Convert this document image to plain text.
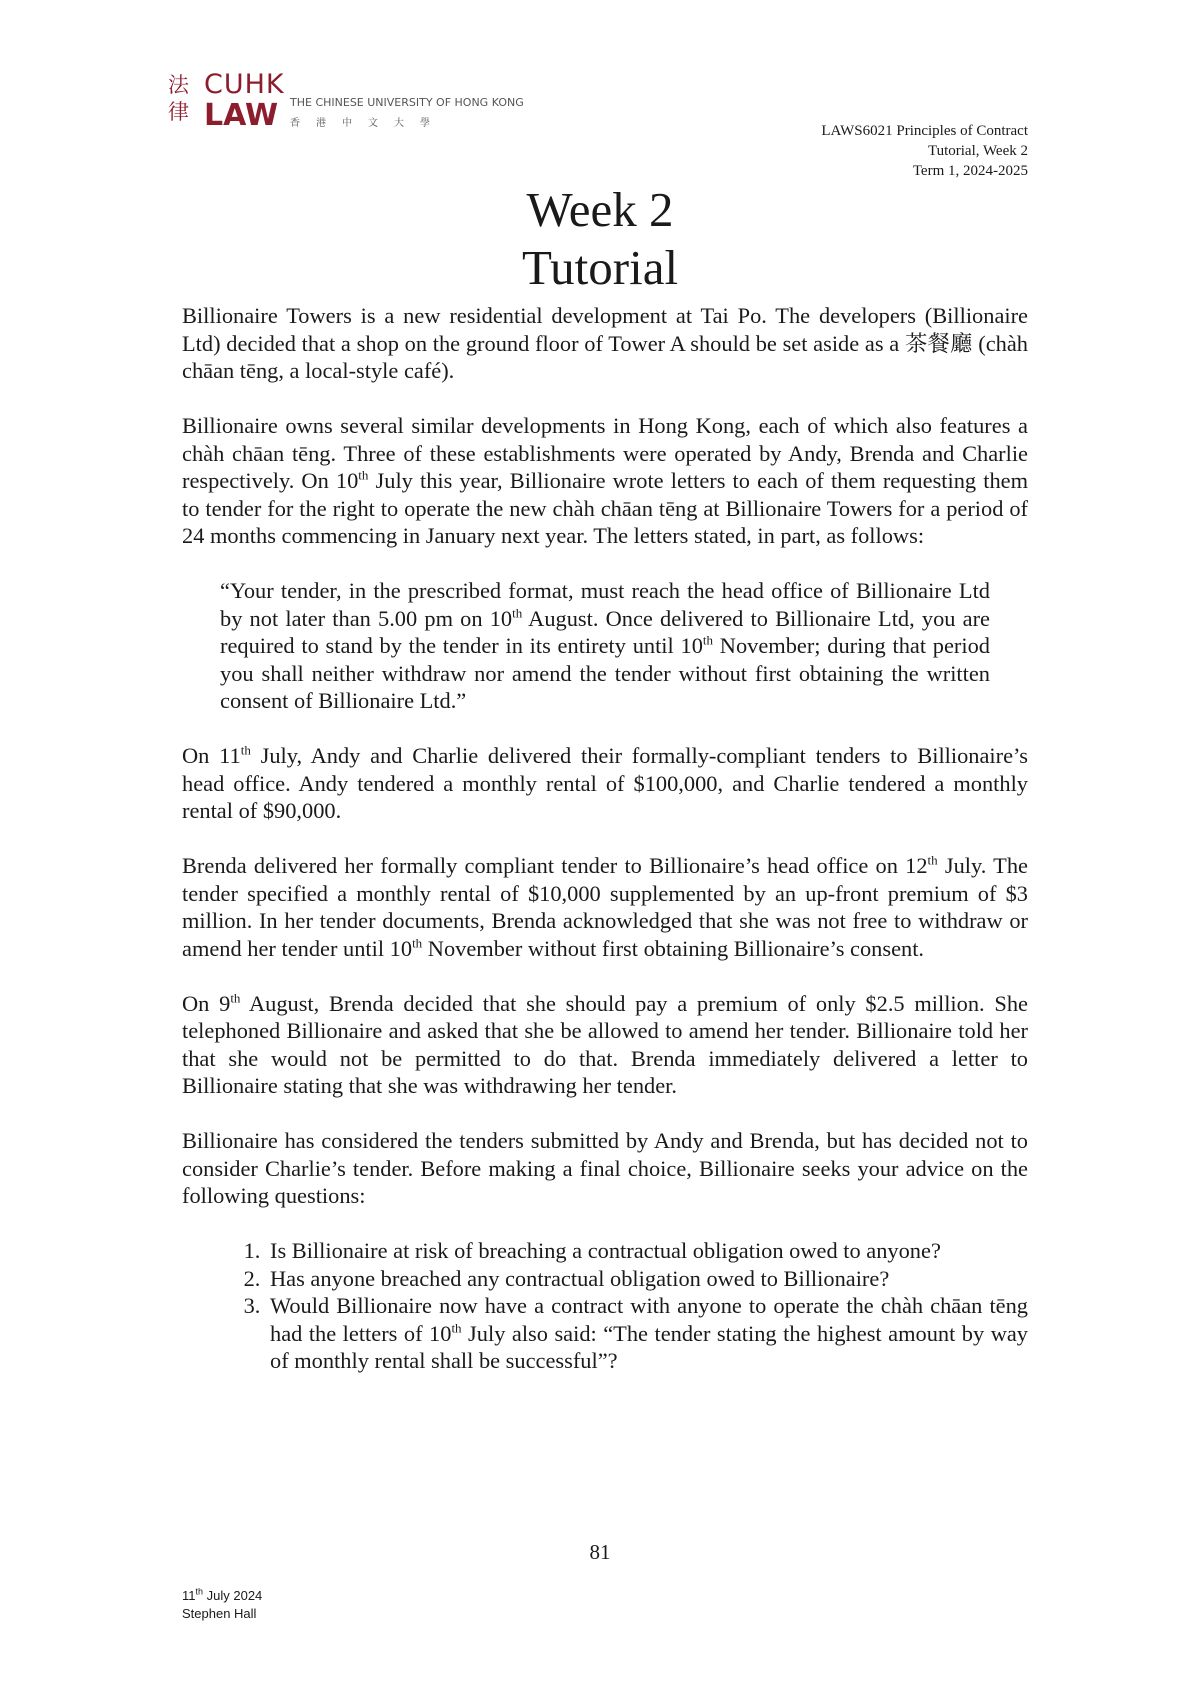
法
律
CUHK
LAW THE CHINESE UNIVERSITY OF HONG KONG
香港中文大學	LAWS6021 Principles of Contract
Tutorial, Week 2
Term 1, 2024-2025
Week 2
Tutorial

Billionaire Towers is a new residential development at Tai Po. The developers (Billionaire Ltd) decided that a shop on the ground floor of Tower A should be set aside as a 茶餐廳 (chàh chāan tēng, a local-style café).

Billionaire owns several similar developments in Hong Kong, each of which also features a chàh chāan tēng. Three of these establishments were operated by Andy, Brenda and Charlie respectively. On 10th July this year, Billionaire wrote letters to each of them requesting them to tender for the right to operate the new chàh chāan tēng at Billionaire Towers for a period of 24 months commencing in January next year. The letters stated, in part, as follows:

“Your tender, in the prescribed format, must reach the head office of Billionaire Ltd by not later than 5.00 pm on 10th August. Once delivered to Billionaire Ltd, you are required to stand by the tender in its entirety until 10th November; during that period you shall neither withdraw nor amend the tender without first obtaining the written consent of Billionaire Ltd.”

On 11th July, Andy and Charlie delivered their formally-compliant tenders to Billionaire’s head office. Andy tendered a monthly rental of $100,000, and Charlie tendered a monthly rental of $90,000.

Brenda delivered her formally compliant tender to Billionaire’s head office on 12th July. The tender specified a monthly rental of $10,000 supplemented by an up-front premium of $3 million. In her tender documents, Brenda acknowledged that she was not free to withdraw or amend her tender until 10th November without first obtaining Billionaire’s consent.

On 9th August, Brenda decided that she should pay a premium of only $2.5 million. She telephoned Billionaire and asked that she be allowed to amend her tender. Billionaire told her that she would not be permitted to do that. Brenda immediately delivered a letter to Billionaire stating that she was withdrawing her tender.

Billionaire has considered the tenders submitted by Andy and Brenda, but has decided not to consider Charlie’s tender. Before making a final choice, Billionaire seeks your advice on the following questions:

1. Is Billionaire at risk of breaching a contractual obligation owed to anyone?
2. Has anyone breached any contractual obligation owed to Billionaire?
3. Would Billionaire now have a contract with anyone to operate the chàh chāan tēng had the letters of 10th July also said: “The tender stating the highest amount by way of monthly rental shall be successful”?
81
11th July 2024
Stephen Hall
